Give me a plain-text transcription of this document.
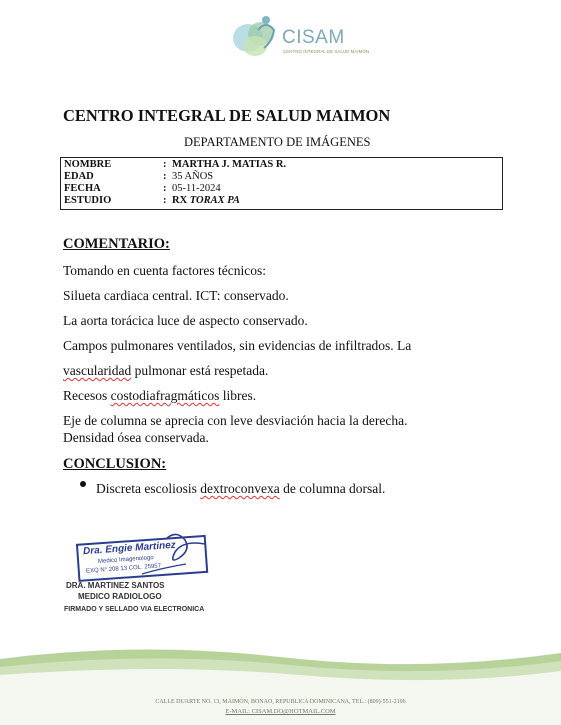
CISAM
CENTRO INTEGRAL DE SALUD MAIMON
CENTRO INTEGRAL DE SALUD MAIMON
DEPARTAMENTO DE IMÁGENES
NOMBRE	: MARTHA J. MATIAS R.
EDAD	: 35 AÑOS
FECHA	: 05-11-2024
ESTUDIO	: RX TORAX PA
COMENTARIO:
Tomando en cuenta factores técnicos:
Silueta cardiaca central. ICT: conservado.
La aorta torácica luce de aspecto conservado.
Campos pulmonares ventilados, sin evidencias de infiltrados. La
vascularidad pulmonar está respetada.
Recesos costodiafragmáticos libres.
Eje de columna se aprecia con leve desviación hacia la derecha.
Densidad ósea conservada.
CONCLUSION:
Discreta escoliosis dextroconvexa de columna dorsal.
Dra. Engie Martinez
Medico Imagenologo
EXQ N° 208 13 COL. 25957
DRA. MARTINEZ SANTOS
MEDICO RADIOLOGO
FIRMADO Y SELLADO VIA ELECTRONICA
CALLE DUARTE NO. 13, MAIMÓN, BONAO, REPUBLICA DOMINICANA, TEL.: (809)-551-2196
E-MAIL: CISAM.DO@HOTMAIL.COM
